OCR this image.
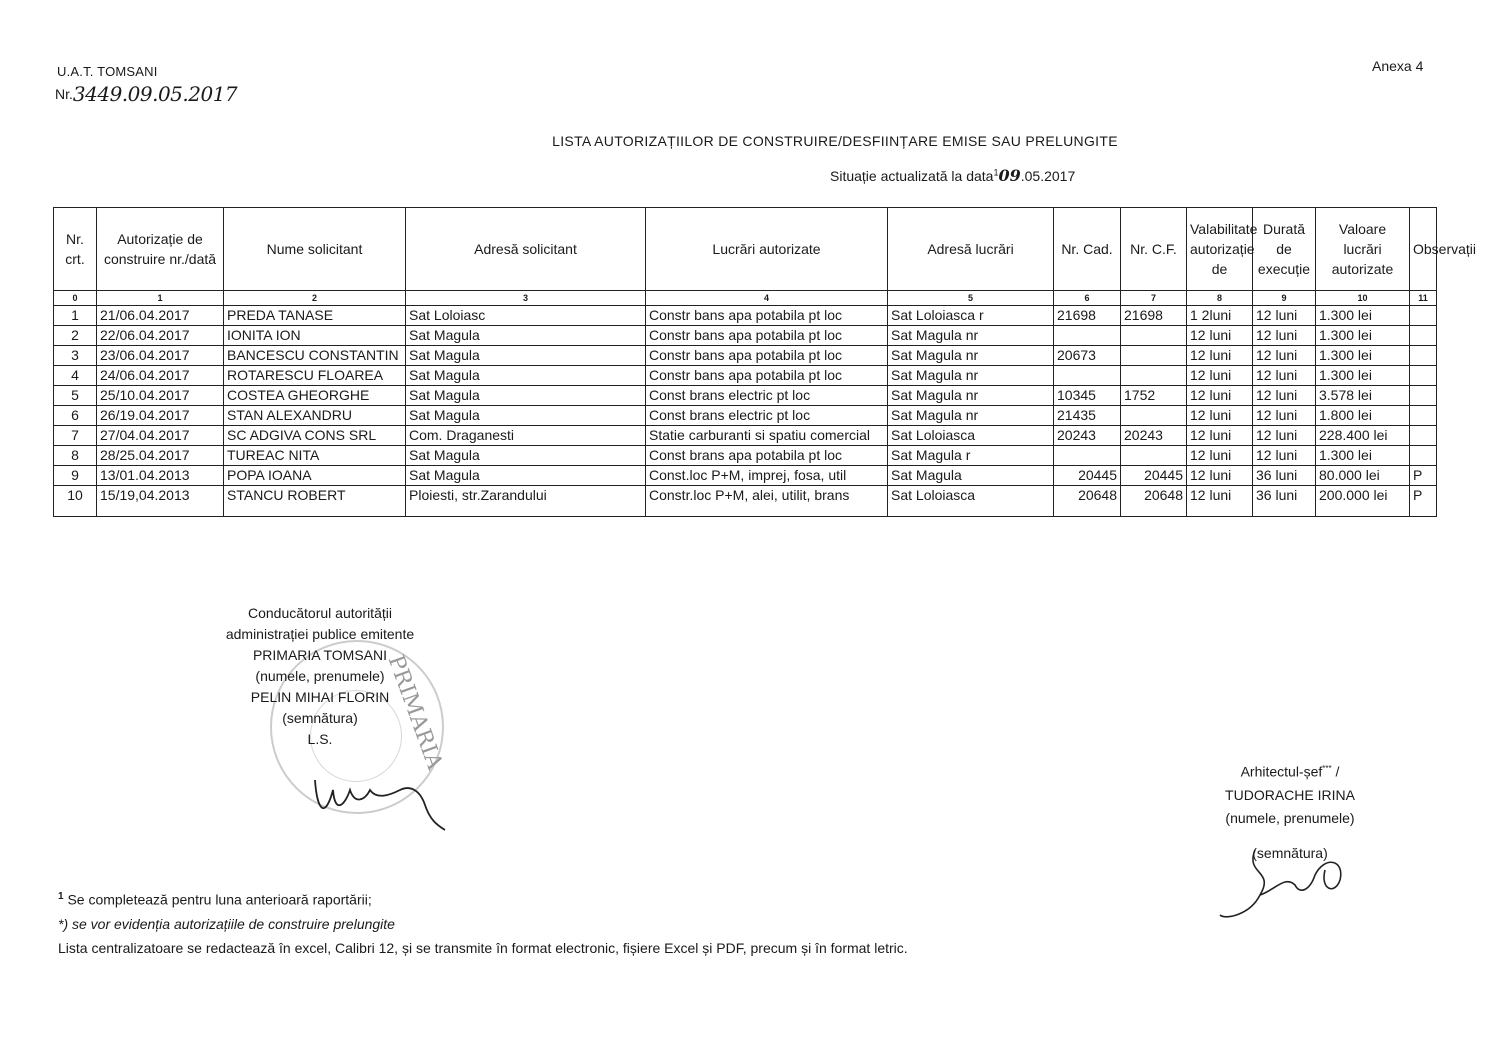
U.A.T. TOMSANI
Nr.3449.09.05.2017
Anexa 4
LISTA AUTORIZAȚIILOR DE CONSTRUIRE/DESFIINȚARE EMISE SAU PRELUNGITE
Situație actualizată la data$^1$09.05.2017
Nr. crt.	Autorizație de construire nr./dată	Nume solicitant	Adresă solicitant	Lucrări autorizate	Adresă lucrări	Nr. Cad.	Nr. C.F.	Valabilitate autorizație de	Durată de execuție	Valoare lucrări autorizate	Observații
0	1	2	3	4	5	6	7	8	9	10	11
1	21/06.04.2017	PREDA TANASE	Sat Loloiasc	Constr bans apa potabila pt loc	Sat Loloiasca r	21698	21698	1 2luni	12 luni	1.300 lei	
2	22/06.04.2017	IONITA ION	Sat Magula	Constr bans apa potabila pt loc	Sat Magula nr			12 luni	12 luni	1.300 lei	
3	23/06.04.2017	BANCESCU CONSTANTIN	Sat Magula	Constr bans apa potabila pt loc	Sat Magula nr	20673		12 luni	12 luni	1.300 lei	
4	24/06.04.2017	ROTARESCU FLOAREA	Sat Magula	Constr bans apa potabila pt loc	Sat Magula nr			12 luni	12 luni	1.300 lei	
5	25/10.04.2017	COSTEA GHEORGHE	Sat Magula	Const brans electric pt loc	Sat Magula nr	10345	1752	12 luni	12 luni	3.578 lei	
6	26/19.04.2017	STAN ALEXANDRU	Sat Magula	Const brans electric pt loc	Sat Magula nr	21435		12 luni	12 luni	1.800 lei	
7	27/04.04.2017	SC ADGIVA CONS SRL	Com. Draganesti	Statie carburanti si spatiu comercial	Sat Loloiasca	20243	20243	12 luni	12 luni	228.400 lei	
8	28/25.04.2017	TUREAC NITA	Sat Magula	Const brans apa potabila pt loc	Sat Magula r			12 luni	12 luni	1.300 lei	
9	13/01.04.2013	POPA IOANA	Sat Magula	Const.loc P+M, imprej, fosa, util	Sat Magula	20445	20445	12 luni	36 luni	80.000 lei	P
10	15/19,04.2013	STANCU ROBERT	Ploiesti, str.Zarandului	Constr.loc P+M, alei, utilit, brans	Sat Loloiasca	20648	20648	12 luni	36 luni	200.000 lei	P
PRIMARIA
Conducătorul autorității
administrației publice emitente
PRIMARIA TOMSANI
(numele, prenumele)
PELIN MIHAI FLORIN
(semnătura)
L.S.
Arhitectul-șef*** /
TUDORACHE IRINA
(numele, prenumele)
(semnătura)
$^1$ Se completează pentru luna anterioară raportării;
*) se vor evidenția autorizațiile de construire prelungite
Lista centralizatoare se redactează în excel, Calibri 12, și se transmite în format electronic, fișiere Excel și PDF, precum și în format letric.
